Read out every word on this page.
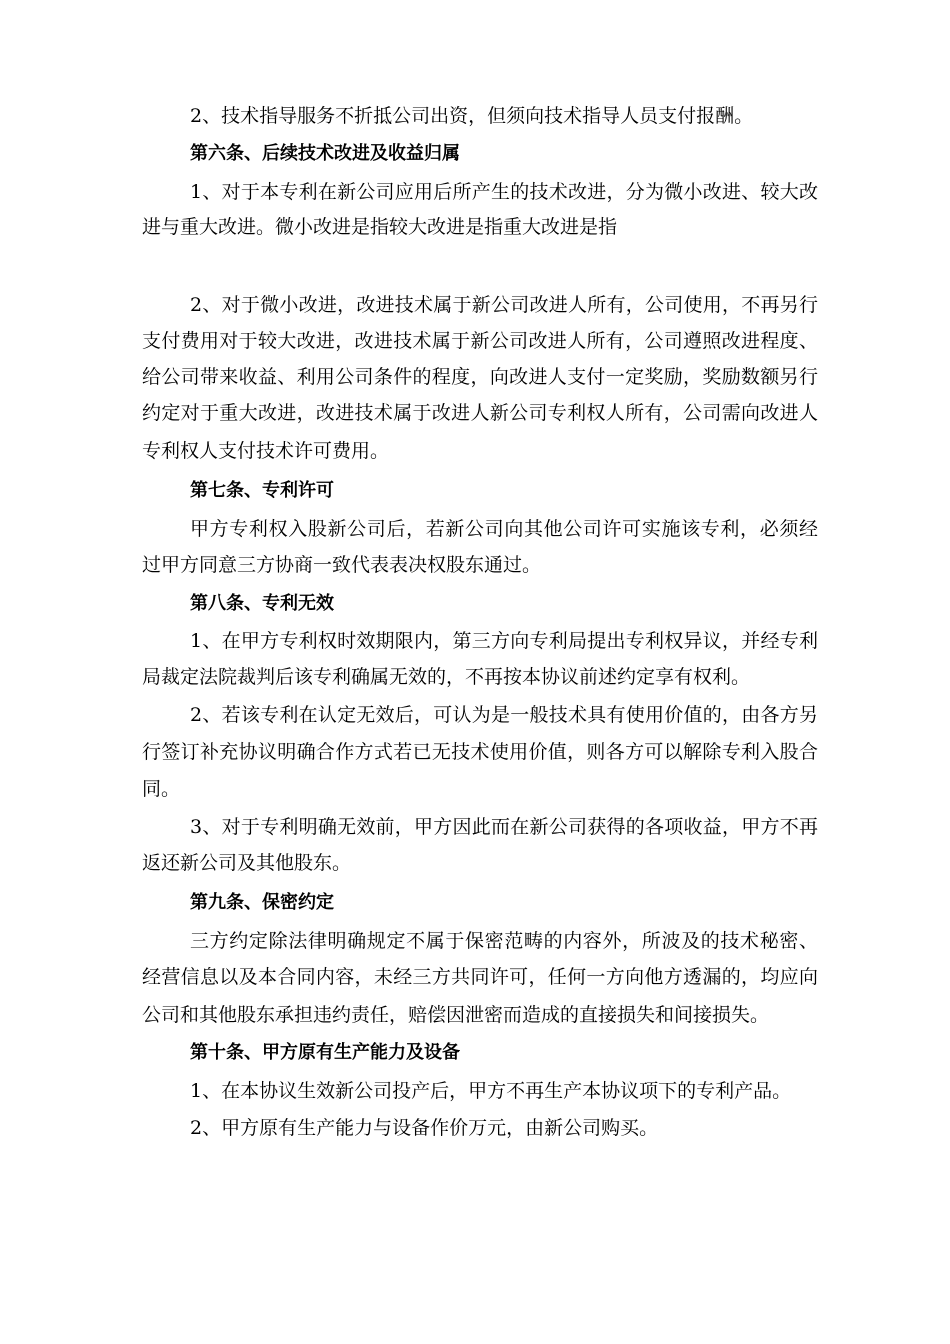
2、技术指导服务不折抵公司出资，但须向技术指导人员支付报酬。
第六条、后续技术改进及收益归属
1、对于本专利在新公司应用后所产生的技术改进，分为微小改进、较大改
进与重大改进。微小改进是指较大改进是指重大改进是指
2、对于微小改进，改进技术属于新公司改进人所有，公司使用，不再另行
支付费用对于较大改进，改进技术属于新公司改进人所有，公司遵照改进程度、
给公司带来收益、利用公司条件的程度，向改进人支付一定奖励，奖励数额另行
约定对于重大改进，改进技术属于改进人新公司专利权人所有，公司需向改进人
专利权人支付技术许可费用。
第七条、专利许可
甲方专利权入股新公司后，若新公司向其他公司许可实施该专利，必须经
过甲方同意三方协商一致代表表决权股东通过。
第八条、专利无效
1、在甲方专利权时效期限内，第三方向专利局提出专利权异议，并经专利
局裁定法院裁判后该专利确属无效的，不再按本协议前述约定享有权利。
2、若该专利在认定无效后，可认为是一般技术具有使用价值的，由各方另
行签订补充协议明确合作方式若已无技术使用价值，则各方可以解除专利入股合
同。
3、对于专利明确无效前，甲方因此而在新公司获得的各项收益，甲方不再
返还新公司及其他股东。
第九条、保密约定
三方约定除法律明确规定不属于保密范畴的内容外，所波及的技术秘密、
经营信息以及本合同内容，未经三方共同许可，任何一方向他方透漏的，均应向
公司和其他股东承担违约责任，赔偿因泄密而造成的直接损失和间接损失。
第十条、甲方原有生产能力及设备
1、在本协议生效新公司投产后，甲方不再生产本协议项下的专利产品。
2、甲方原有生产能力与设备作价万元，由新公司购买。
